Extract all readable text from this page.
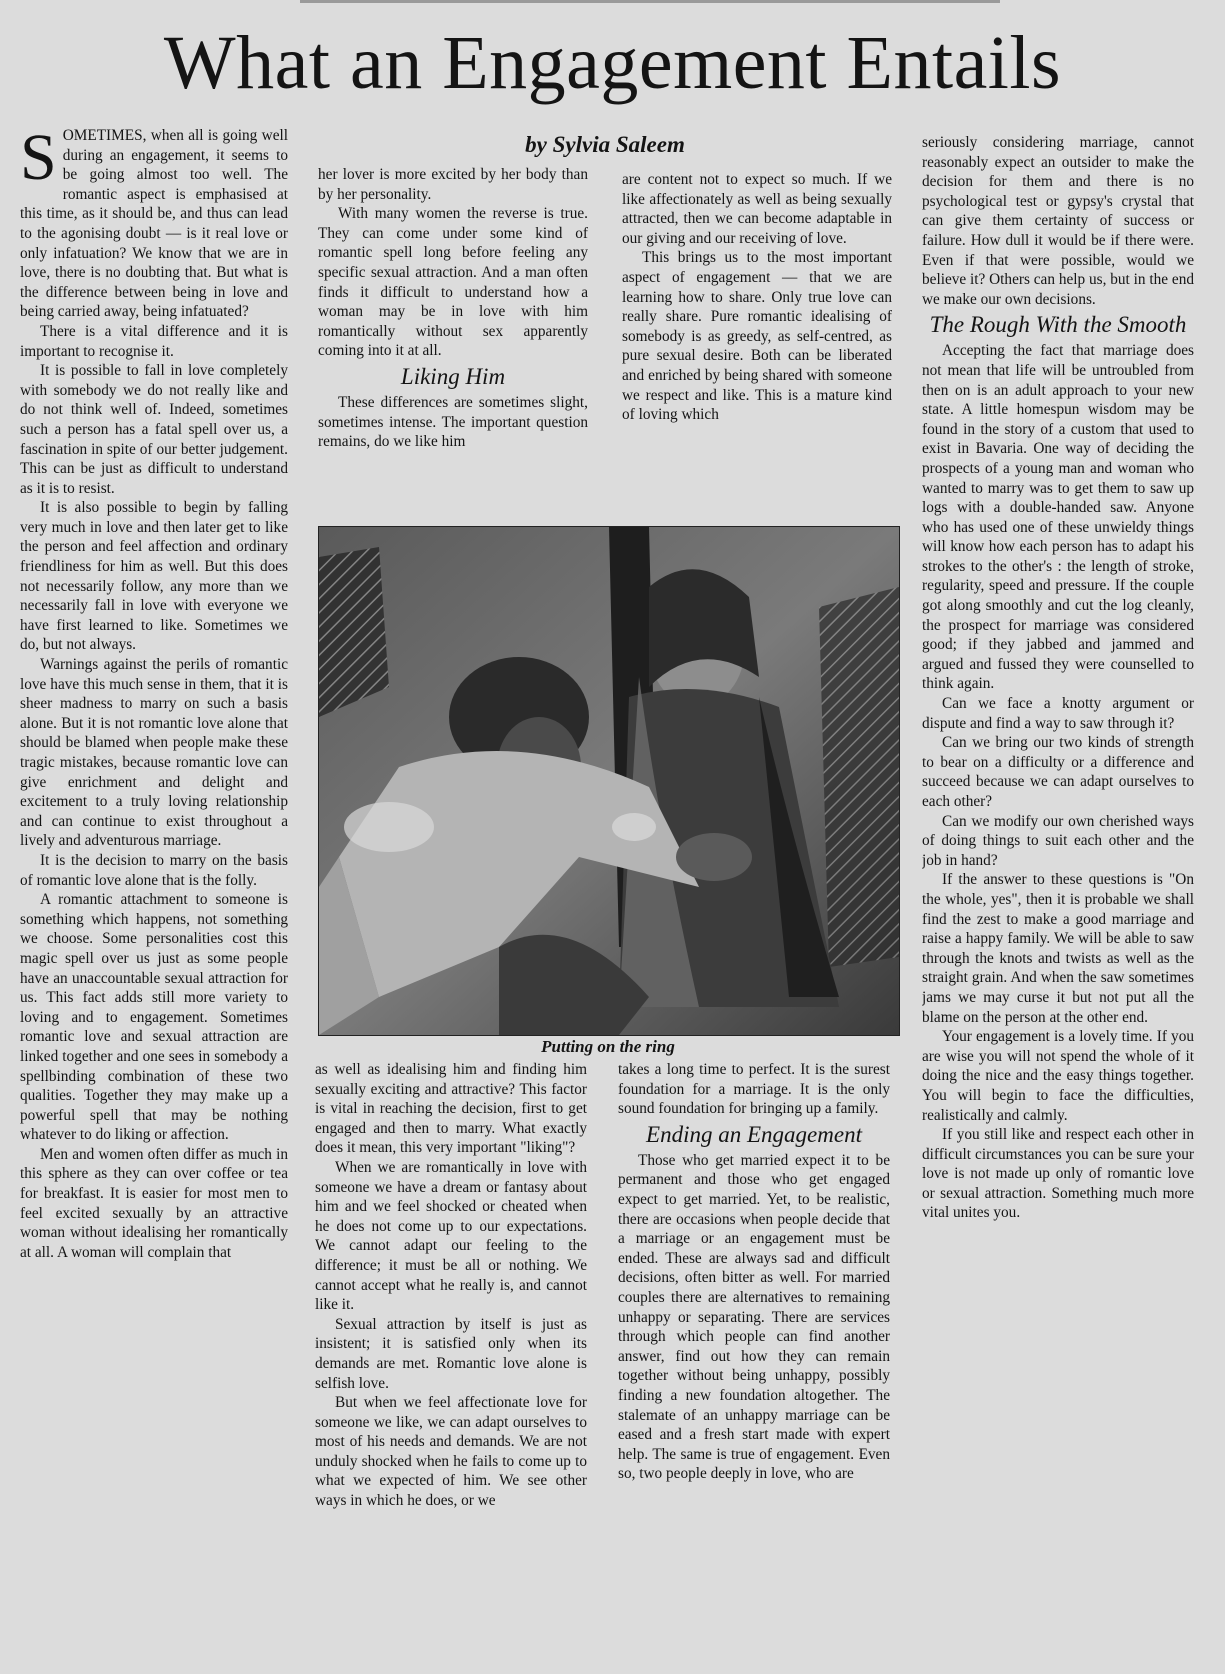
What an Engagement Entails

SOMETIMES, when all is going well during an engagement, it seems to be going almost too well. The romantic aspect is emphasised at this time, as it should be, and thus can lead to the agonising doubt — is it real love or only infatuation? We know that we are in love, there is no doubting that. But what is the difference between being in love and being carried away, being infatuated?

There is a vital difference and it is important to recognise it.

It is possible to fall in love completely with somebody we do not really like and do not think well of. Indeed, sometimes such a person has a fatal spell over us, a fascination in spite of our better judgement. This can be just as difficult to understand as it is to resist.

It is also possible to begin by falling very much in love and then later get to like the person and feel affection and ordinary friendliness for him as well. But this does not necessarily follow, any more than we necessarily fall in love with everyone we have first learned to like. Sometimes we do, but not always.

Warnings against the perils of romantic love have this much sense in them, that it is sheer madness to marry on such a basis alone. But it is not romantic love alone that should be blamed when people make these tragic mistakes, because romantic love can give enrichment and delight and excitement to a truly loving relationship and can continue to exist throughout a lively and adventurous marriage.

It is the decision to marry on the basis of romantic love alone that is the folly.

A romantic attachment to someone is something which happens, not something we choose. Some personalities cost this magic spell over us just as some people have an unaccountable sexual attraction for us. This fact adds still more variety to loving and to engagement. Sometimes romantic love and sexual attraction are linked together and one sees in somebody a spellbinding combination of these two qualities. Together they may make up a powerful spell that may be nothing whatever to do liking or affection.

Men and women often differ as much in this sphere as they can over coffee or tea for breakfast. It is easier for most men to feel excited sexually by an attractive woman without idealising her romantically at all. A woman will complain that

by Sylvia Saleem

her lover is more excited by her body than by her personality.

With many women the reverse is true. They can come under some kind of romantic spell long before feeling any specific sexual attraction. And a man often finds it difficult to understand how a woman may be in love with him romantically without sex apparently coming into it at all.

Liking Him

These differences are sometimes slight, sometimes intense. The important question remains, do we like him

are content not to expect so much. If we like affectionately as well as being sexually attracted, then we can become adaptable in our giving and our receiving of love.

This brings us to the most important aspect of engagement — that we are learning how to share. Only true love can really share. Pure romantic idealising of somebody is as greedy, as self-centred, as pure sexual desire. Both can be liberated and enriched by being shared with someone we respect and like. This is a mature kind of loving which

Putting on the ring

as well as idealising him and finding him sexually exciting and attractive? This factor is vital in reaching the decision, first to get engaged and then to marry. What exactly does it mean, this very important "liking"?

When we are romantically in love with someone we have a dream or fantasy about him and we feel shocked or cheated when he does not come up to our expectations. We cannot adapt our feeling to the difference; it must be all or nothing. We cannot accept what he really is, and cannot like it.

Sexual attraction by itself is just as insistent; it is satisfied only when its demands are met. Romantic love alone is selfish love.

But when we feel affectionate love for someone we like, we can adapt ourselves to most of his needs and demands. We are not unduly shocked when he fails to come up to what we expected of him. We see other ways in which he does, or we

takes a long time to perfect. It is the surest foundation for a marriage. It is the only sound foundation for bringing up a family.

Ending an Engagement

Those who get married expect it to be permanent and those who get engaged expect to get married. Yet, to be realistic, there are occasions when people decide that a marriage or an engagement must be ended. These are always sad and difficult decisions, often bitter as well. For married couples there are alternatives to remaining unhappy or separating. There are services through which people can find another answer, find out how they can remain together without being unhappy, possibly finding a new foundation altogether. The stalemate of an unhappy marriage can be eased and a fresh start made with expert help. The same is true of engagement. Even so, two people deeply in love, who are

seriously considering marriage, cannot reasonably expect an outsider to make the decision for them and there is no psychological test or gypsy's crystal that can give them certainty of success or failure. How dull it would be if there were. Even if that were possible, would we believe it? Others can help us, but in the end we make our own decisions.

The Rough With the Smooth

Accepting the fact that marriage does not mean that life will be untroubled from then on is an adult approach to your new state. A little homespun wisdom may be found in the story of a custom that used to exist in Bavaria. One way of deciding the prospects of a young man and woman who wanted to marry was to get them to saw up logs with a double-handed saw. Anyone who has used one of these unwieldy things will know how each person has to adapt his strokes to the other's : the length of stroke, regularity, speed and pressure. If the couple got along smoothly and cut the log cleanly, the prospect for marriage was considered good; if they jabbed and jammed and argued and fussed they were counselled to think again.

Can we face a knotty argument or dispute and find a way to saw through it?

Can we bring our two kinds of strength to bear on a difficulty or a difference and succeed because we can adapt ourselves to each other?

Can we modify our own cherished ways of doing things to suit each other and the job in hand?

If the answer to these questions is "On the whole, yes", then it is probable we shall find the zest to make a good marriage and raise a happy family. We will be able to saw through the knots and twists as well as the straight grain. And when the saw sometimes jams we may curse it but not put all the blame on the person at the other end.

Your engagement is a lovely time. If you are wise you will not spend the whole of it doing the nice and the easy things together. You will begin to face the difficulties, realistically and calmly.

If you still like and respect each other in difficult circumstances you can be sure your love is not made up only of romantic love or sexual attraction. Something much more vital unites you.
